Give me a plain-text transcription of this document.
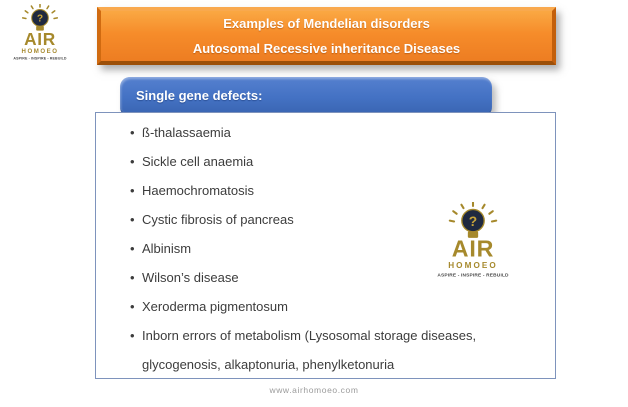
?
AIR
HOMOEO
ASPIRE - INSPIRE - REBUILD
Examples of Mendelian disorders
Autosomal Recessive inheritance Diseases
Single gene defects:
• ß-thalassaemia
• Sickle cell anaemia
• Haemochromatosis
• Cystic fibrosis of pancreas
• Albinism
• Wilson’s disease
• Xeroderma pigmentosum
• Inborn errors of metabolism (Lysosomal storage diseases, glycogenosis, alkaptonuria, phenylketonuria
?
AIR
HOMOEO
ASPIRE - INSPIRE - REBUILD
www.airhomoeo.com
